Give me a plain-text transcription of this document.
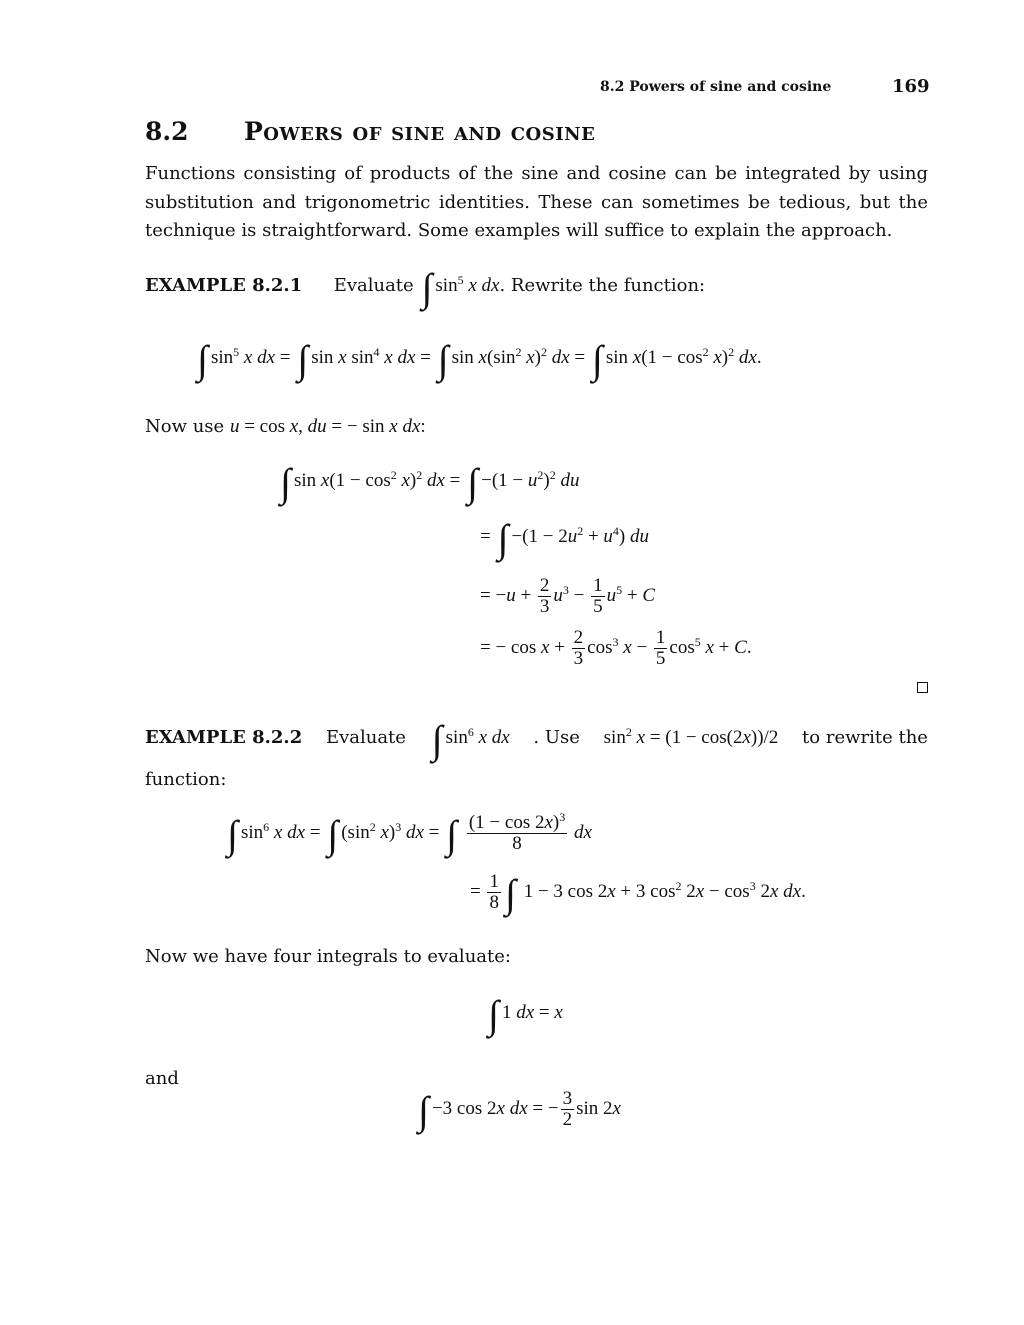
8.2 Powers of sine and cosine	169
8.2 Powers of sine and cosine
Functions consisting of products of the sine and cosine can be integrated by using substitution and trigonometric identities. These can sometimes be tedious, but the technique is straightforward. Some examples will suffice to explain the approach.
EXAMPLE 8.2.1 Evaluate ∫ $\sin^5 x$ dx. Rewrite the function:
∫ $\sin^5 x$ dx = ∫ sin x $\sin^4 x$ dx = ∫ $\sin x(\sin^2$ x)$^2$ dx = ∫ $\sin x(1 - \cos^2 x)^2$ dx.
Now use u = cos x, du = − sin x dx:
∫ $\sin x(1 - \cos^2 x)^2$ dx = ∫ $-(1 - u^2)^2$ du
= ∫ $-(1 - 2u^2 + u^4)$ du
= $-u + \frac{2}{3} u^3 - \frac{1}{5} u^5 + C$
= − $\cos x + \frac{2}{3} \cos^3 x - \frac{1}{5} \cos^5 x + C$.
EXAMPLE 8.2.2 Evaluate ∫ $\sin^6 x$ dx . Use $\sin^2 x = (1 - \cos(2x))/2$ to rewrite the
function:
∫ $\sin^6 x$ dx = ∫ ($\sin^2$ x)$^3$ dx = ∫ $\frac{(1 - \cos 2x)^3}{8}$ dx
= $\frac{1}{8}$ ∫ 1 − 3 cos 2x + 3 $\cos^2 2x - \cos^3 2x$ dx.
Now we have four integrals to evaluate:
∫ 1 dx = x
and
∫ −3 cos 2x dx = − $\frac{3}{2}$ sin 2x
